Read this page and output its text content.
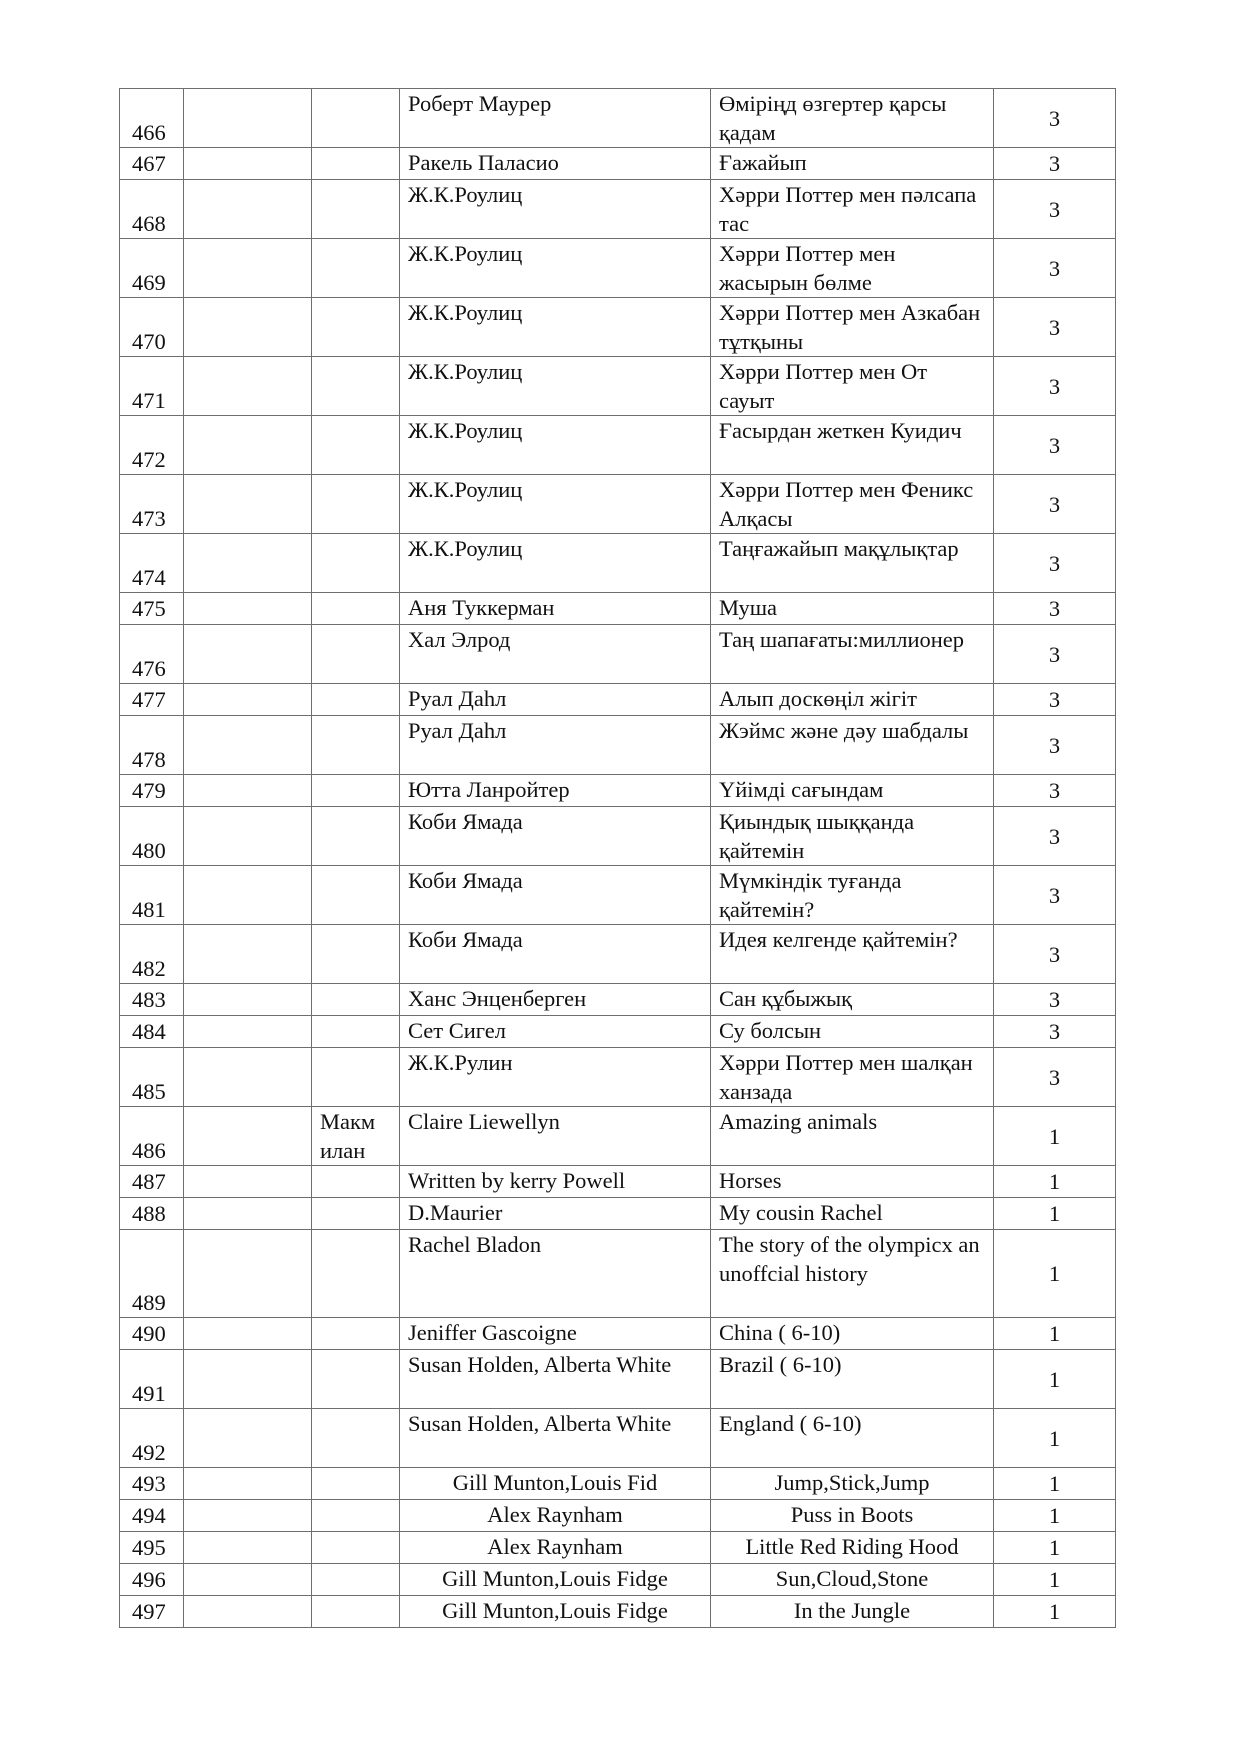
466			Роберт Маурер	Өміріңд өзгертер қарсы қадам	3
467			Ракель Паласио	Ғажайып	3
468			Ж.К.Роулиц	Хәрри Поттер мен пәлсапа тас	3
469			Ж.К.Роулиц	Хәрри Поттер мен жасырын бөлме	3
470			Ж.К.Роулиц	Хәрри Поттер мен Азкабан тұтқыны	3
471			Ж.К.Роулиц	Хәрри Поттер мен От сауыт	3
472			Ж.К.Роулиц	Ғасырдан жеткен Куидич	3
473			Ж.К.Роулиц	Хәрри Поттер мен Феникс Алқасы	3
474			Ж.К.Роулиц	Таңғажайып мақұлықтар	3
475			Аня Туккерман	Муша	3
476			Хал Элрод	Таң шапағаты:миллионер	3
477			Руал Даһл	Алып доскөңіл жігіт	3
478			Руал Даһл	Жэймс және дәу шабдалы	3
479			Ютта Ланройтер	Үйімді сағындам	3
480			Коби Ямада	Қиындық шыққанда қайтемін	3
481			Коби Ямада	Мүмкіндік туғанда қайтемін?	3
482			Коби Ямада	Идея келгенде қайтемін?	3
483			Ханс Энценберген	Сан құбыжық	3
484			Сет Сигел	Су болсын	3
485			Ж.К.Рулин	Хәрри Поттер мен шалқан ханзада	3
486		Макм илан	Claire Liewellyn	Amazing animals	1
487			Written by kerry Powell	Horses	1
488			D.Maurier	My cousin Rachel	1
489			Rachel Bladon	The story of the olympicx an unoffcial history	1
490			Jeniffer Gascoigne	China ( 6-10)	1
491			Susan Holden, Alberta White	Brazil ( 6-10)	1
492			Susan Holden, Alberta White	England ( 6-10)	1
493			Gill Munton,Louis Fid	Jump,Stick,Jump	1
494			Alex Raynham	Puss in Boots	1
495			Alex Raynham	Little Red Riding Hood	1
496			Gill Munton,Louis Fidge	Sun,Cloud,Stone	1
497			Gill Munton,Louis Fidge	In the Jungle	1
